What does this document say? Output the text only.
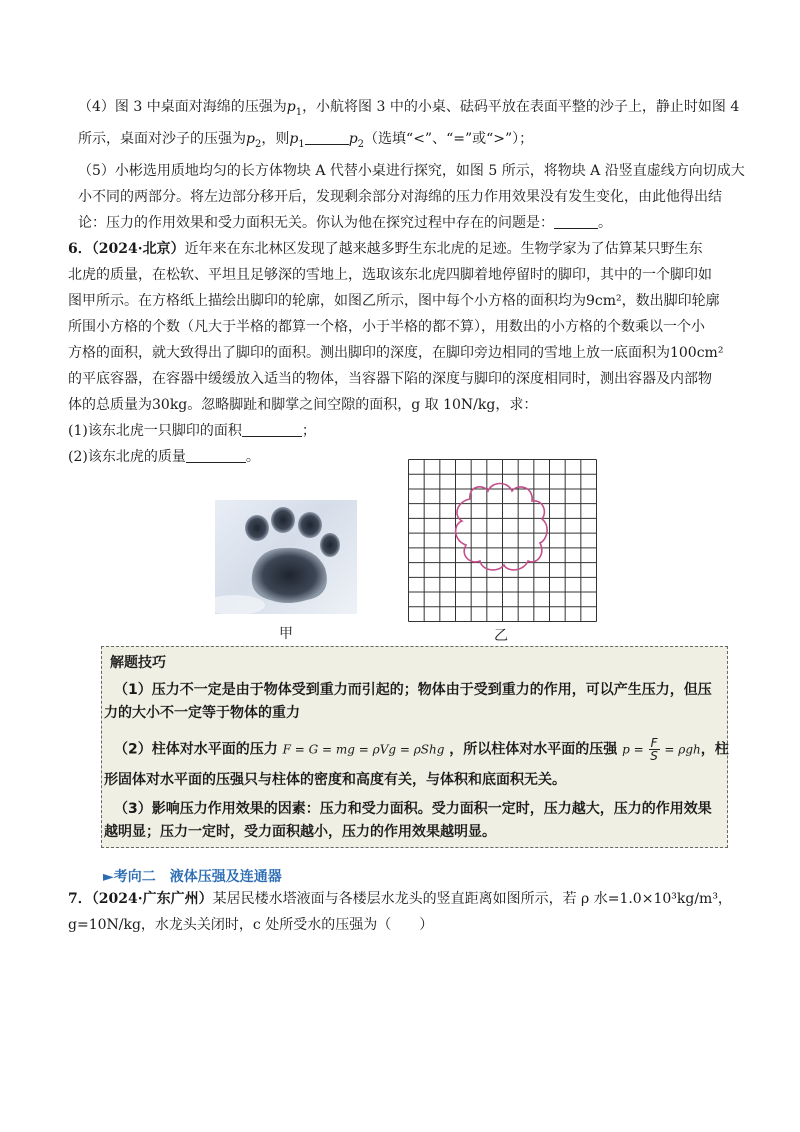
（4）图 3 中桌面对海绵的压强为$p_1$，小航将图 3 中的小桌、砝码平放在表面平整的沙子上，静止时如图 4
所示，桌面对沙子的压强为$p_2$，则$p_1$	$p_2$（选填“<”、“=”或“>”）；
（5）小彬选用质地均匀的长方体物块 A 代替小桌进行探究，如图 5 所示，将物块 A 沿竖直虚线方向切成大
小不同的两部分。将左边部分移开后，发现剩余部分对海绵的压力作用效果没有发生变化，由此他得出结
论：压力的作用效果和受力面积无关。你认为他在探究过程中存在的问题是：	。
6．（2024·北京）近年来在东北林区发现了越来越多野生东北虎的足迹。生物学家为了估算某只野生东
北虎的质量，在松软、平坦且足够深的雪地上，选取该东北虎四脚着地停留时的脚印，其中的一个脚印如
图甲所示。在方格纸上描绘出脚印的轮廓，如图乙所示，图中每个小方格的面积均为9cm²，数出脚印轮廓
所围小方格的个数（凡大于半格的都算一个格，小于半格的都不算），用数出的小方格的个数乘以一个小
方格的面积，就大致得出了脚印的面积。测出脚印的深度，在脚印旁边相同的雪地上放一底面积为100cm²
的平底容器，在容器中缓缓放入适当的物体，当容器下陷的深度与脚印的深度相同时，测出容器及内部物
体的总质量为30kg。忽略脚趾和脚掌之间空隙的面积，g 取 10N/kg，求：
(1)该东北虎一只脚印的面积	；
(2)该东北虎的质量	。
甲	乙
解题技巧
（1）压力不一定是由于物体受到重力而引起的；物体由于受到重力的作用，可以产生压力，但压
力的大小不一定等于物体的重力
（2）柱体对水平面的压力 F = G = mg = ρVg = ρShg ，所以柱体对水平面的压强 $p = \frac{F}{S} = \rho gh$，柱
形固体对水平面的压强只与柱体的密度和高度有关，与体积和底面积无关。
（3）影响压力作用效果的因素：压力和受力面积。受力面积一定时，压力越大，压力的作用效果
越明显；压力一定时，受力面积越小，压力的作用效果越明显。
►考向二　液体压强及连通器
7．（2024·广东广州）某居民楼水塔液面与各楼层水龙头的竖直距离如图所示，若 ρ 水=1.0×10³kg/m³，
g=10N/kg，水龙头关闭时，c 处所受水的压强为（　　）
